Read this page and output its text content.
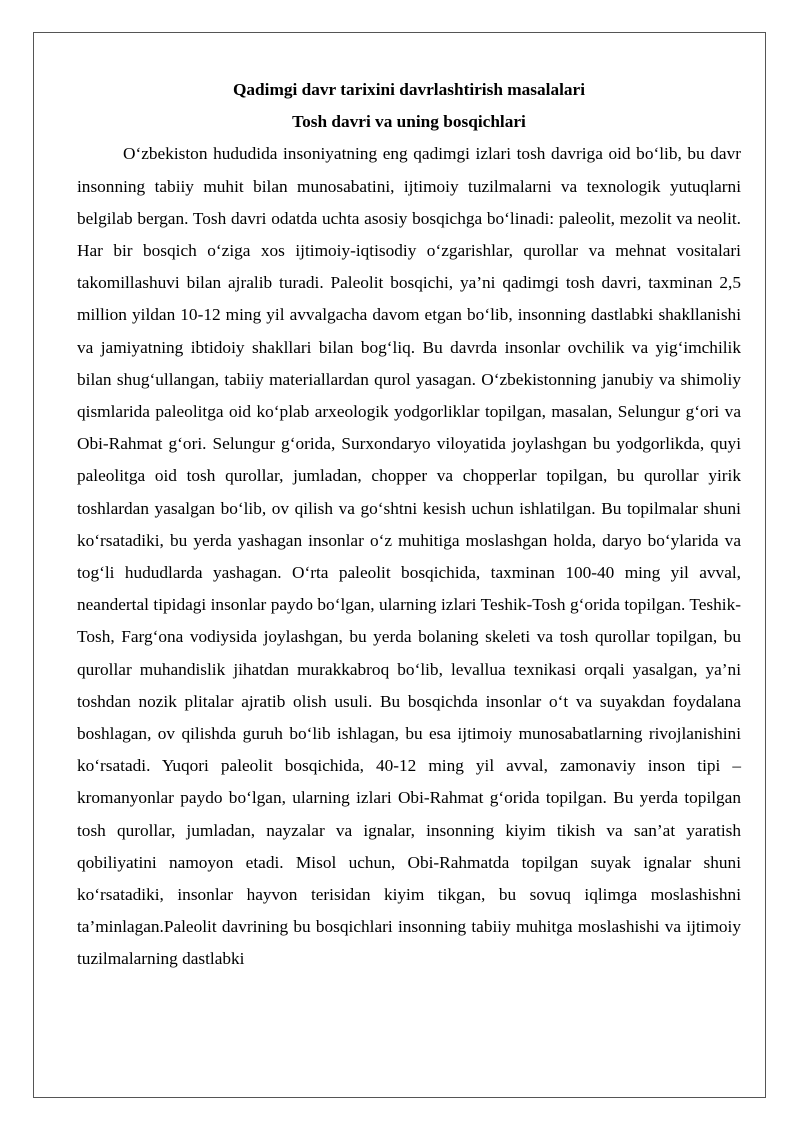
Qadimgi davr tarixini davrlashtirish masalalari
Tosh davri va uning bosqichlari

O‘zbekiston hududida insoniyatning eng qadimgi izlari tosh davriga oid bo‘lib, bu davr insonning tabiiy muhit bilan munosabatini, ijtimoiy tuzilmalarni va texnologik yutuqlarni belgilab bergan. Tosh davri odatda uchta asosiy bosqichga bo‘linadi: paleolit, mezolit va neolit. Har bir bosqich o‘ziga xos ijtimoiy-iqtisodiy o‘zgarishlar, qurollar va mehnat vositalari takomillashuvi bilan ajralib turadi. Paleolit bosqichi, ya’ni qadimgi tosh davri, taxminan 2,5 million yildan 10-12 ming yil avvalgacha davom etgan bo‘lib, insonning dastlabki shakllanishi va jamiyatning ibtidoiy shakllari bilan bog‘liq. Bu davrda insonlar ovchilik va yig‘imchilik bilan shug‘ullangan, tabiiy materiallardan qurol yasagan. O‘zbekistonning janubiy va shimoliy qismlarida paleolitga oid ko‘plab arxeologik yodgorliklar topilgan, masalan, Selungur g‘ori va Obi-Rahmat g‘ori. Selungur g‘orida, Surxondaryo viloyatida joylashgan bu yodgorlikda, quyi paleolitga oid tosh qurollar, jumladan, chopper va chopperlar topilgan, bu qurollar yirik toshlardan yasalgan bo‘lib, ov qilish va go‘shtni kesish uchun ishlatilgan. Bu topilmalar shuni ko‘rsatadiki, bu yerda yashagan insonlar o‘z muhitiga moslashgan holda, daryo bo‘ylarida va tog‘li hududlarda yashagan. O‘rta paleolit bosqichida, taxminan 100-40 ming yil avval, neandertal tipidagi insonlar paydo bo‘lgan, ularning izlari Teshik-Tosh g‘orida topilgan. Teshik-Tosh, Farg‘ona vodiysida joylashgan, bu yerda bolaning skeleti va tosh qurollar topilgan, bu qurollar muhandislik jihatdan murakkabroq bo‘lib, levallua texnikasi orqali yasalgan, ya’ni toshdan nozik plitalar ajratib olish usuli. Bu bosqichda insonlar o‘t va suyakdan foydalana boshlagan, ov qilishda guruh bo‘lib ishlagan, bu esa ijtimoiy munosabatlarning rivojlanishini ko‘rsatadi. Yuqori paleolit bosqichida, 40-12 ming yil avval, zamonaviy inson tipi – kromanyonlar paydo bo‘lgan, ularning izlari Obi-Rahmat g‘orida topilgan. Bu yerda topilgan tosh qurollar, jumladan, nayzalar va ignalar, insonning kiyim tikish va san’at yaratish qobiliyatini namoyon etadi. Misol uchun, Obi-Rahmatda topilgan suyak ignalar shuni ko‘rsatadiki, insonlar hayvon terisidan kiyim tikgan, bu sovuq iqlimga moslashishni ta’minlagan.Paleolit davrining bu bosqichlari insonning tabiiy muhitga moslashishi va ijtimoiy tuzilmalarning dastlabki
